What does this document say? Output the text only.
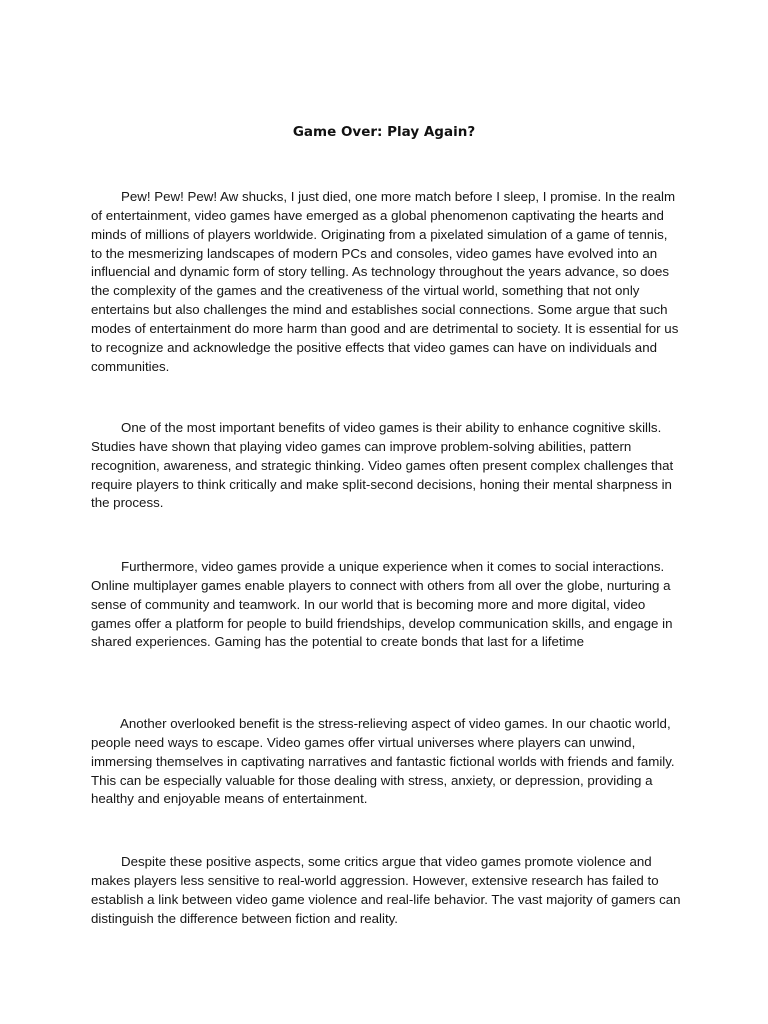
Game Over: Play Again?

Pew! Pew! Pew! Aw shucks, I just died, one more match before I sleep, I promise. In the realm of entertainment, video games have emerged as a global phenomenon captivating the hearts and minds of millions of players worldwide. Originating from a pixelated simulation of a game of tennis, to the mesmerizing landscapes of modern PCs and consoles, video games have evolved into an influencial and dynamic form of story telling. As technology throughout the years advance, so does the complexity of the games and the creativeness of the virtual world, something that not only entertains but also challenges the mind and establishes social connections. Some argue that such modes of entertainment do more harm than good and are detrimental to society. It is essential for us to recognize and acknowledge the positive effects that video games can have on individuals and communities.

One of the most important benefits of video games is their ability to enhance cognitive skills. Studies have shown that playing video games can improve problem-solving abilities, pattern recognition, awareness, and strategic thinking. Video games often present complex challenges that require players to think critically and make split-second decisions, honing their mental sharpness in the process.

Furthermore, video games provide a unique experience when it comes to social interactions. Online multiplayer games enable players to connect with others from all over the globe, nurturing a sense of community and teamwork. In our world that is becoming more and more digital, video games offer a platform for people to build friendships, develop communication skills, and engage in shared experiences. Gaming has the potential to create bonds that last for a lifetime

Another overlooked benefit is the stress-relieving aspect of video games. In our chaotic world, people need ways to escape. Video games offer virtual universes where players can unwind, immersing themselves in captivating narratives and fantastic fictional worlds with friends and family. This can be especially valuable for those dealing with stress, anxiety, or depression, providing a healthy and enjoyable means of entertainment.

Despite these positive aspects, some critics argue that video games promote violence and makes players less sensitive to real-world aggression. However, extensive research has failed to establish a link between video game violence and real-life behavior. The vast majority of gamers can distinguish the difference between fiction and reality.
